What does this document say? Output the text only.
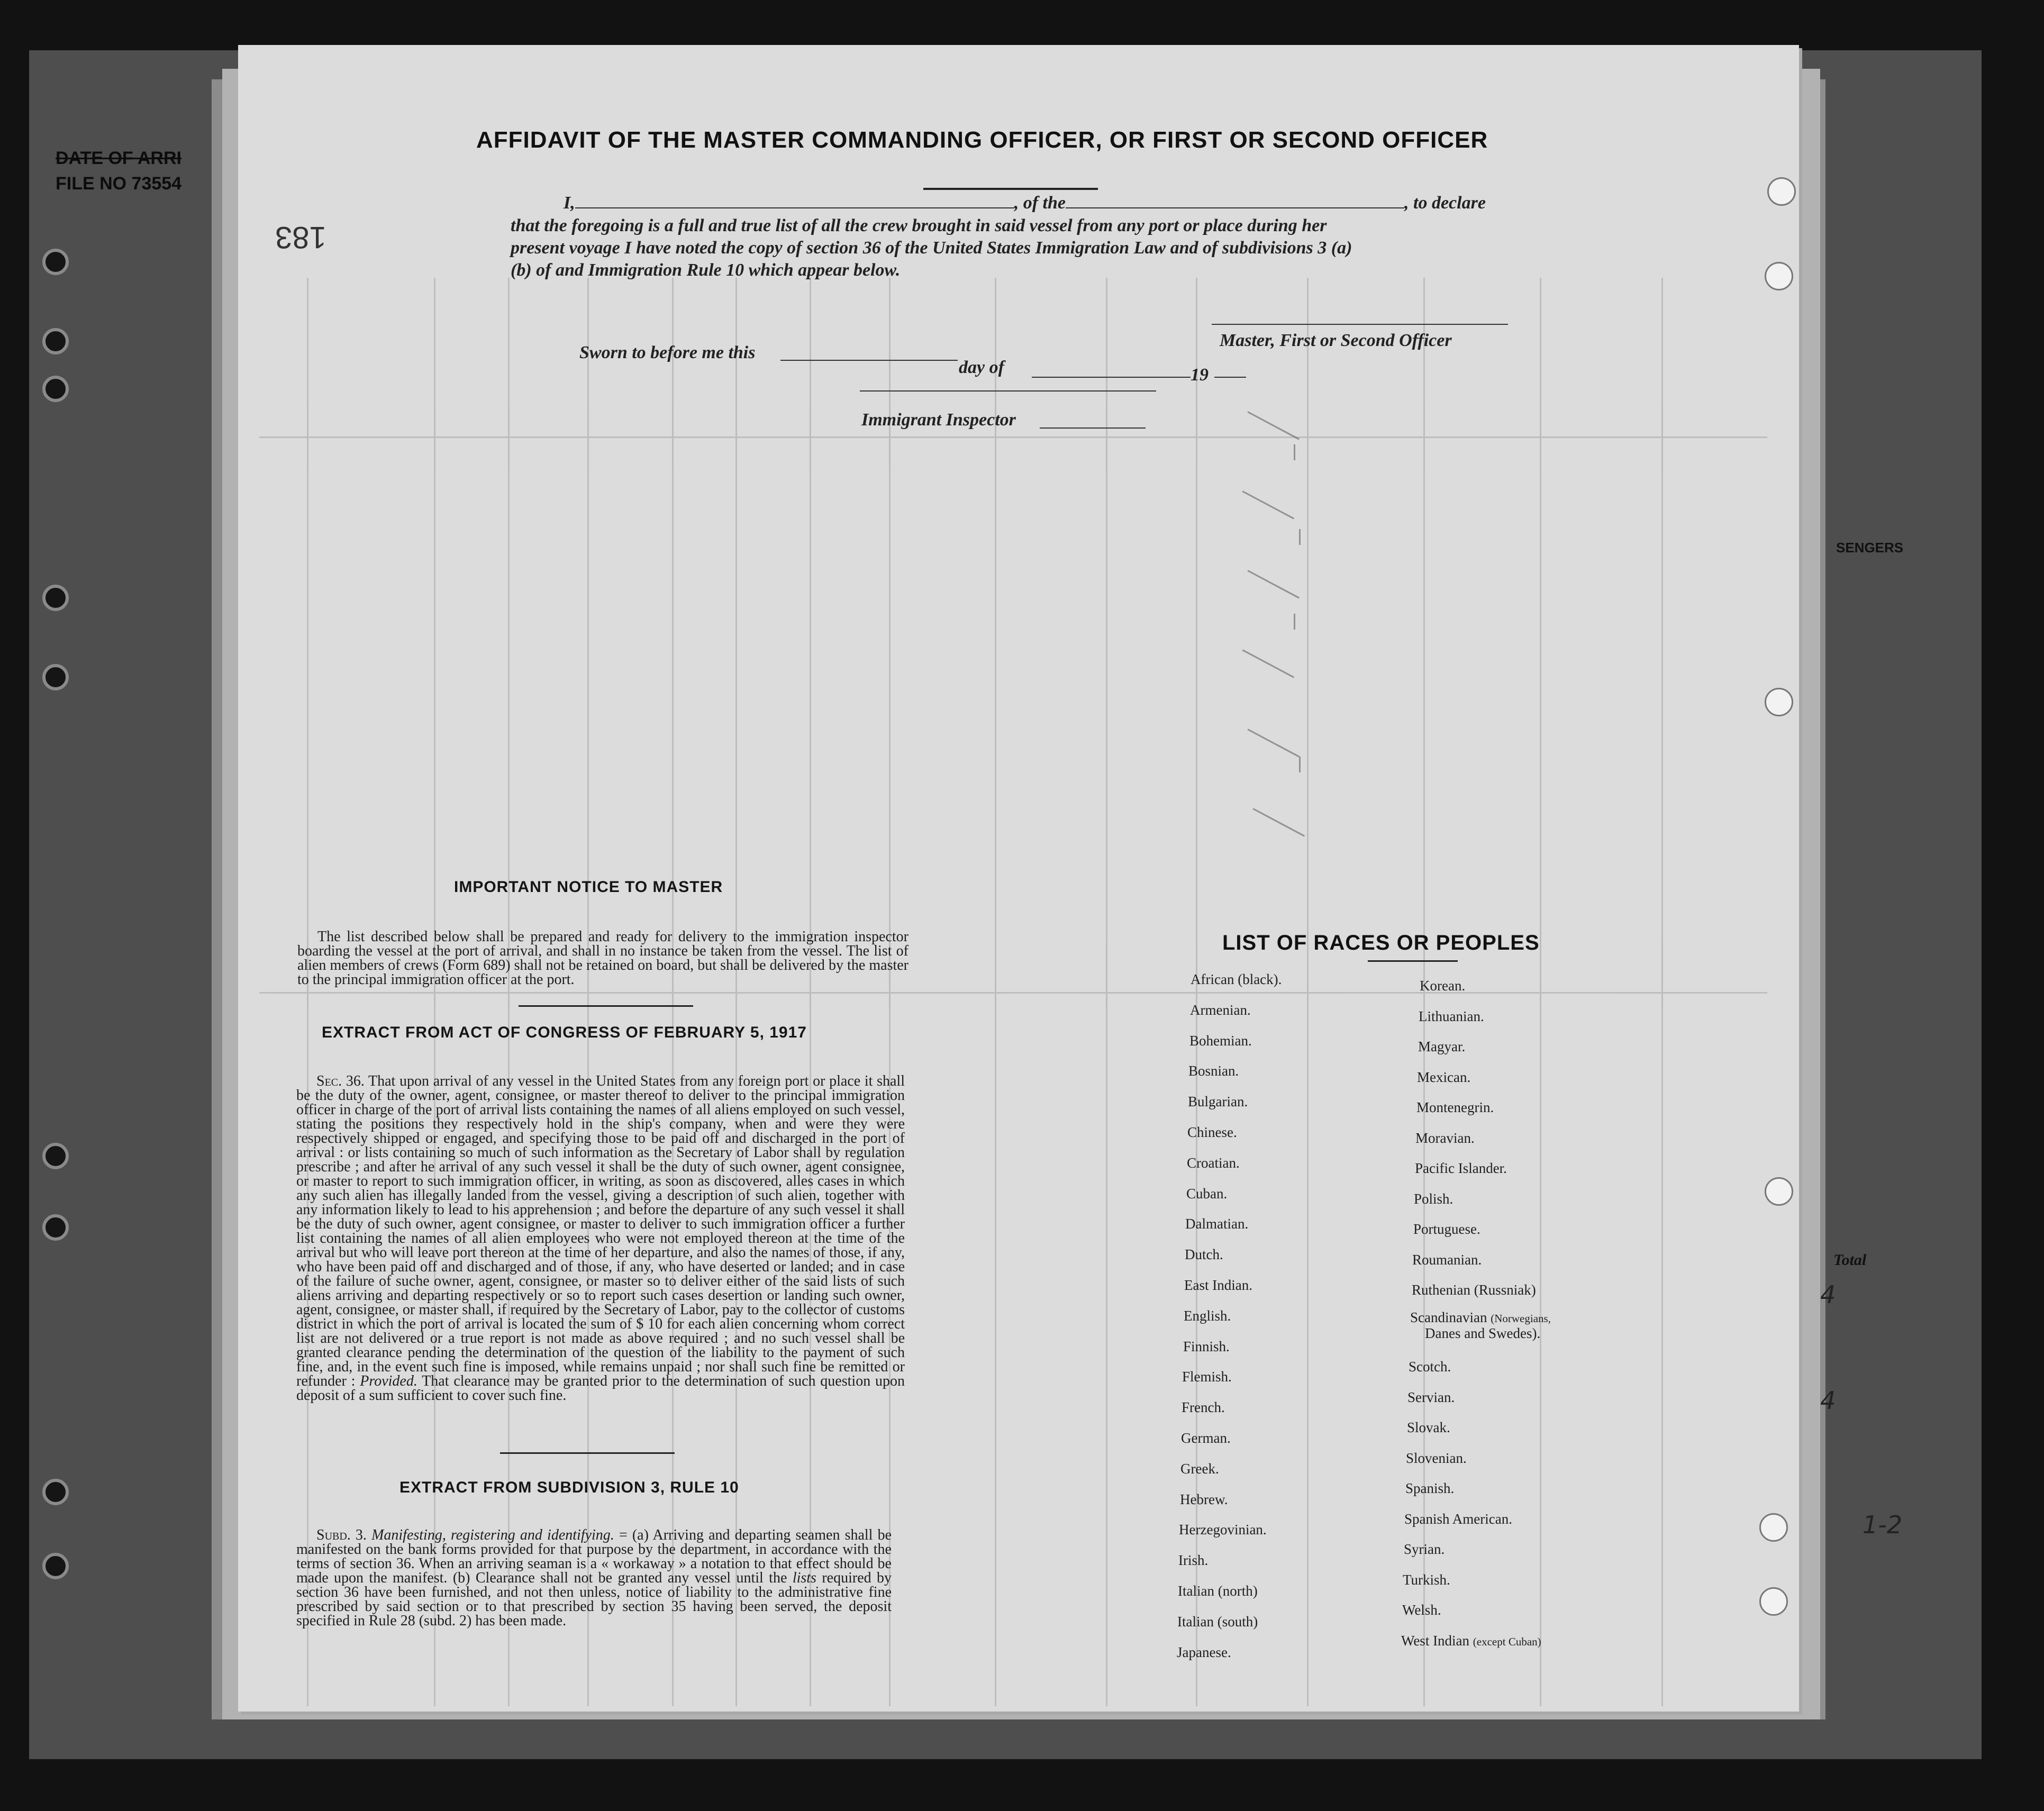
DATE OF ARRI
FILE NO 73554
183
AFFIDAVIT OF THE MASTER COMMANDING OFFICER, OR FIRST OR SECOND OFFICER
I,	, of the	, to declare
that the foregoing is a full and true list of all the crew brought in said vessel from any port or place during her
present voyage I have noted the copy of section 36 of the United States Immigration Law and of subdivisions 3 (a)
(b) of and Immigration Rule 10 which appear below.
Master, First or Second Officer
Sworn to before me this
day of	19
Immigrant Inspector
IMPORTANT NOTICE TO MASTER
The list described below shall be prepared and ready for delivery to the immigration inspector boarding the vessel at the port of arrival, and shall in no instance be taken from the vessel. The list of alien members of crews (Form 689) shall not be retained on board, but shall be delivered by the master to the principal immigration officer at the port.
EXTRACT FROM ACT OF CONGRESS OF FEBRUARY 5, 1917
Sec. 36. That upon arrival of any vessel in the United States from any foreign port or place it shall be the duty of the owner, agent, consignee, or master thereof to deliver to the principal immigration officer in charge of the port of arrival lists containing the names of all aliens employed on such vessel, stating the positions they respectively hold in the ship's company, when and were they were respectively shipped or engaged, and specifying those to be paid off and discharged in the port of arrival : or lists containing so much of such information as the Secretary of Labor shall by regulation prescribe ; and after he arrival of any such vessel it shall be the duty of such owner, agent consignee, or master to report to such immigration officer, in writing, as soon as discovered, alles cases in which any such alien has illegally landed from the vessel, giving a description of such alien, together with any information likely to lead to his apprehension ; and before the departure of any such vessel it shall be the duty of such owner, agent consignee, or master to deliver to such immigration officer a further list containing the names of all alien employees who were not employed thereon at the time of the arrival but who will leave port thereon at the time of her departure, and also the names of those, if any, who have been paid off and discharged and of those, if any, who have deserted or landed; and in case of the failure of suche owner, agent, consignee, or master so to deliver either of the said lists of such aliens arriving and departing respectively or so to report such cases desertion or landing such owner, agent, consignee, or master shall, if required by the Secretary of Labor, pay to the collector of customs district in which the port of arrival is located the sum of $ 10 for each alien concerning whom correct list are not delivered or a true report is not made as above required ; and no such vessel shall be granted clearance pending the determination of the question of the liability to the payment of such fine, and, in the event such fine is imposed, while remains unpaid ; nor shall such fine be remitted or refunder : Provided. That clearance may be granted prior to the determination of such question upon deposit of a sum sufficient to cover such fine.
EXTRACT FROM SUBDIVISION 3, RULE 10
Subd. 3. Manifesting, registering and identifying. = (a) Arriving and departing seamen shall be manifested on the bank forms provided for that purpose by the department, in accordance with the terms of section 36. When an arriving seaman is a « workaway » a notation to that effect should be made upon the manifest. (b) Clearance shall not be granted any vessel until the lists required by section 36 have been furnished, and not then unless, notice of liability to the administrative fine prescribed by said section or to that prescribed by section 35 having been served, the deposit specified in Rule 28 (subd. 2) has been made.
LIST OF RACES OR PEOPLES
African (black).
Armenian.
Bohemian.
Bosnian.
Bulgarian.
Chinese.
Croatian.
Cuban.
Dalmatian.
Dutch.
East Indian.
English.
Finnish.
Flemish.
French.
German.
Greek.
Hebrew.
Herzegovinian.
Irish.
Italian (north)
Italian (south)
Japanese.
Korean.
Lithuanian.
Magyar.
Mexican.
Montenegrin.
Moravian.
Pacific Islander.
Polish.
Portuguese.
Roumanian.
Ruthenian (Russniak)
Scandinavian (Norwegians,
Danes and Swedes).
Scotch.
Servian.
Slovak.
Slovenian.
Spanish.
Spanish American.
Syrian.
Turkish.
Welsh.
West Indian (except Cuban)
SENGERS
Total
4
4
1-2
